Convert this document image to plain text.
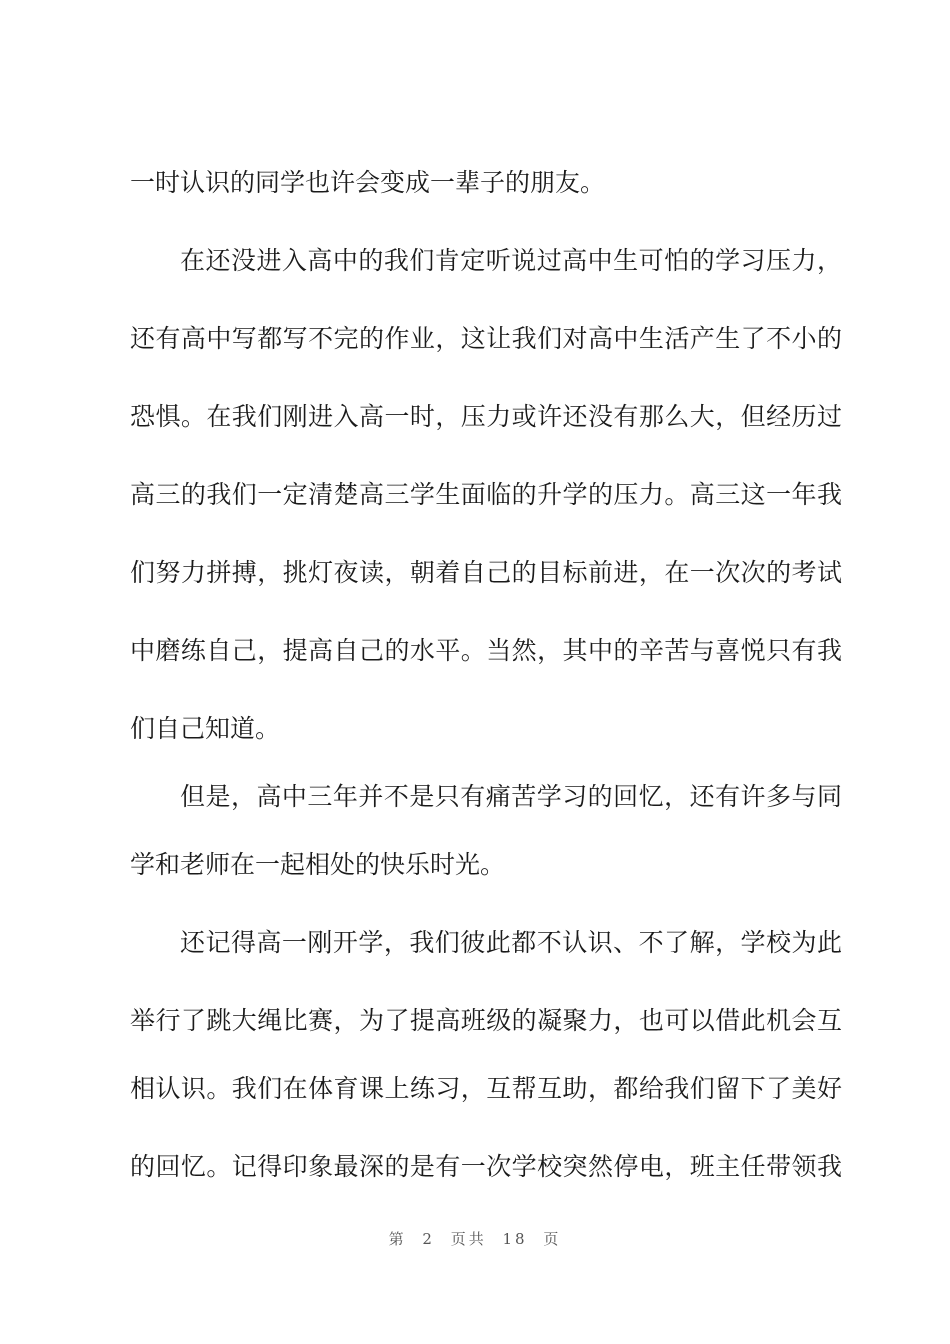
一时认识的同学也许会变成一辈子的朋友。
在还没进入高中的我们肯定听说过高中生可怕的学习压力，
还有高中写都写不完的作业，这让我们对高中生活产生了不小的
恐惧。在我们刚进入高一时，压力或许还没有那么大，但经历过
高三的我们一定清楚高三学生面临的升学的压力。高三这一年我
们努力拼搏，挑灯夜读，朝着自己的目标前进，在一次次的考试
中磨练自己，提高自己的水平。当然，其中的辛苦与喜悦只有我
们自己知道。
但是，高中三年并不是只有痛苦学习的回忆，还有许多与同
学和老师在一起相处的快乐时光。
还记得高一刚开学，我们彼此都不认识、不了解，学校为此
举行了跳大绳比赛，为了提高班级的凝聚力，也可以借此机会互
相认识。我们在体育课上练习，互帮互助，都给我们留下了美好
的回忆。记得印象最深的是有一次学校突然停电，班主任带领我
第 2 页共 18 页
